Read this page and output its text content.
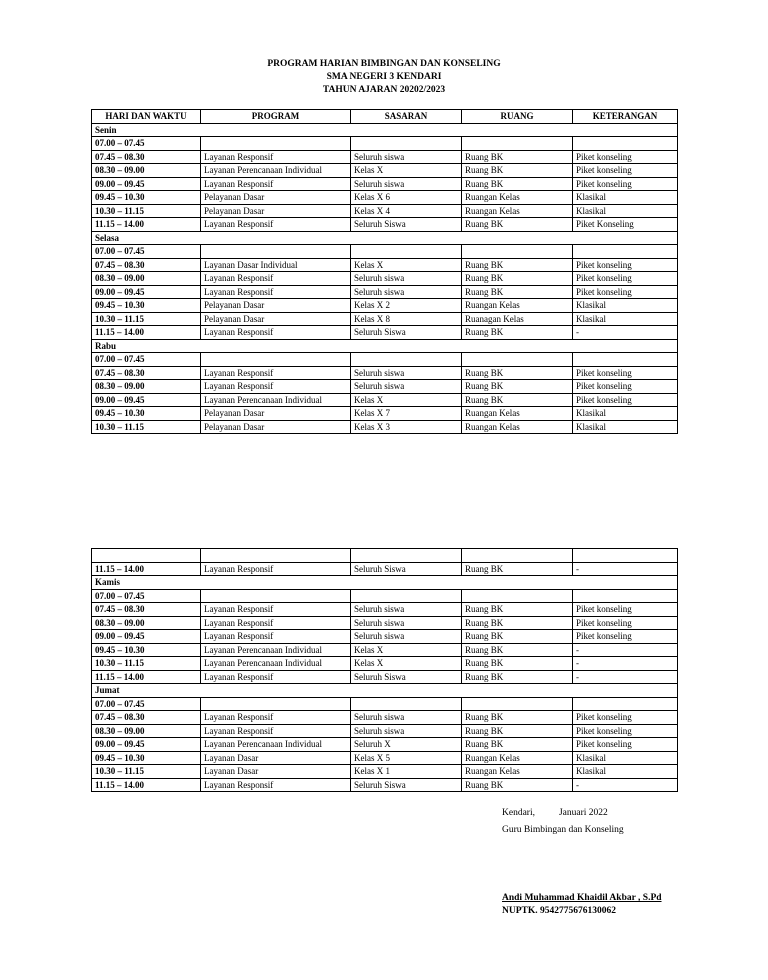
PROGRAM HARIAN BIMBINGAN DAN KONSELING
SMA NEGERI 3 KENDARI
TAHUN AJARAN 20202/2023
HARI DAN WAKTU	PROGRAM	SASARAN	RUANG	KETERANGAN
Senin				
07.00 – 07.45				
07.45 – 08.30	Layanan Responsif	Seluruh siswa	Ruang BK	Piket konseling
08.30 – 09.00	Layanan Perencanaan Individual	Kelas X	Ruang BK	Piket konseling
09.00 – 09.45	Layanan Responsif	Seluruh siswa	Ruang BK	Piket konseling
09.45 – 10.30	Pelayanan Dasar	Kelas X 6	Ruangan Kelas	Klasikal
10.30 – 11.15	Pelayanan Dasar	Kelas X 4	Ruangan Kelas	Klasikal
11.15 – 14.00	Layanan Responsif	Seluruh Siswa	Ruang BK	Piket Konseling
Selasa				
07.00 – 07.45				
07.45 – 08.30	Layanan Dasar Individual	Kelas X	Ruang BK	Piket konseling
08.30 – 09.00	Layanan Responsif	Seluruh siswa	Ruang BK	Piket konseling
09.00 – 09.45	Layanan Responsif	Seluruh siswa	Ruang BK	Piket konseling
09.45 – 10.30	Pelayanan Dasar	Kelas X 2	Ruangan Kelas	Klasikal
10.30 – 11.15	Pelayanan Dasar	Kelas X 8	Ruanagan Kelas	Klasikal
11.15 – 14.00	Layanan Responsif	Seluruh Siswa	Ruang BK	-
Rabu				
07.00 – 07.45				
07.45 – 08.30	Layanan Responsif	Seluruh siswa	Ruang BK	Piket konseling
08.30 – 09.00	Layanan Responsif	Seluruh siswa	Ruang BK	Piket konseling
09.00 – 09.45	Layanan Perencanaan Individual	Kelas X	Ruang BK	Piket konseling
09.45 – 10.30	Pelayanan Dasar	Kelas X 7	Ruangan Kelas	Klasikal
10.30 – 11.15	Pelayanan Dasar	Kelas X 3	Ruangan Kelas	Klasikal

11.15 – 14.00	Layanan Responsif	Seluruh Siswa	Ruang BK	-
Kamis				
07.00 – 07.45				
07.45 – 08.30	Layanan Responsif	Seluruh siswa	Ruang BK	Piket konseling
08.30 – 09.00	Layanan Responsif	Seluruh siswa	Ruang BK	Piket konseling
09.00 – 09.45	Layanan Responsif	Seluruh siswa	Ruang BK	Piket konseling
09.45 – 10.30	Layanan Perencanaan Individual	Kelas X	Ruang BK	-
10.30 – 11.15	Layanan Perencanaan Individual	Kelas X	Ruang BK	-
11.15 – 14.00	Layanan Responsif	Seluruh Siswa	Ruang BK	-
Jumat				
07.00 – 07.45				
07.45 – 08.30	Layanan Responsif	Seluruh siswa	Ruang BK	Piket konseling
08.30 – 09.00	Layanan Responsif	Seluruh siswa	Ruang BK	Piket konseling
09.00 – 09.45	Layanan Perencanaan Individual	Seluruh X	Ruang BK	Piket konseling
09.45 – 10.30	Layanan Dasar	Kelas X 5	Ruangan Kelas	Klasikal
10.30 – 11.15	Layanan Dasar	Kelas X 1	Ruangan Kelas	Klasikal
11.15 – 14.00	Layanan Responsif	Seluruh Siswa	Ruang BK	-
Kendari,	Januari 2022
Guru Bimbingan dan Konseling
Andi Muhammad Khaidil Akbar , S.Pd
NUPTK. 9542775676130062
